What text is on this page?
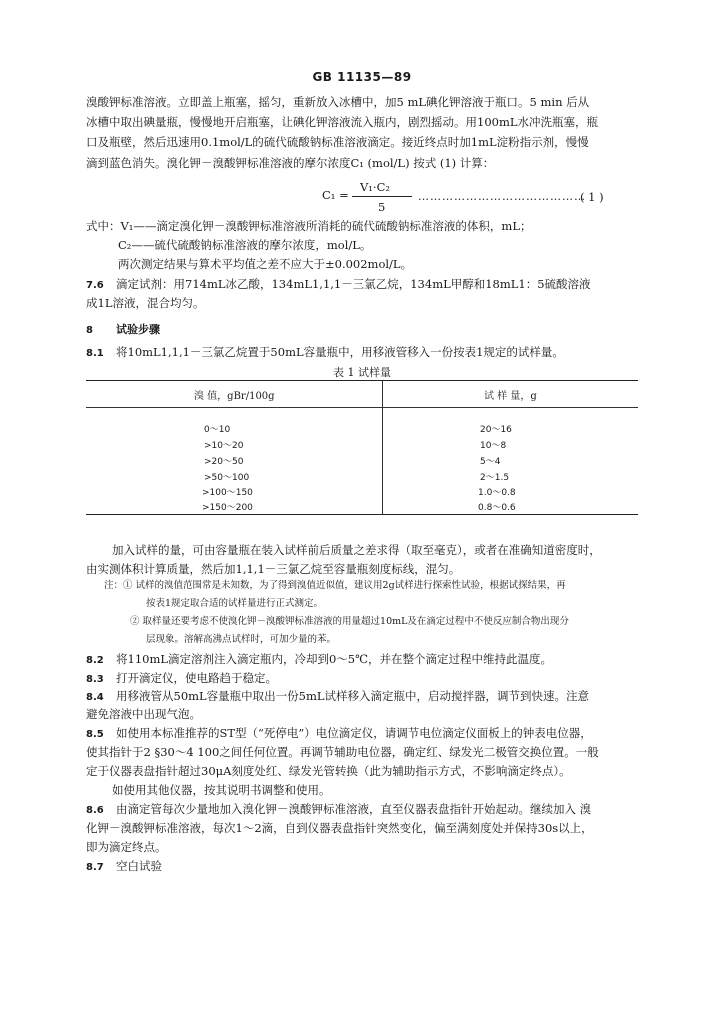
GB 11135—89
溴酸钾标准溶液。立即盖上瓶塞，摇匀，重新放入冰槽中，加5 mL碘化钾溶液于瓶口。5 min 后从
冰槽中取出碘量瓶，慢慢地开启瓶塞，让碘化钾溶液流入瓶内，剧烈摇动。用100mL水冲洗瓶塞，瓶
口及瓶壁，然后迅速用0.1mol/L的硫代硫酸钠标准溶液滴定。接近终点时加1mL淀粉指示剂，慢慢
滴到蓝色消失。溴化钾－溴酸钾标准溶液的摩尔浓度C₁ (mol/L) 按式 (1) 计算：
C₁ =
V₁·C₂
5
……………………………………
( 1 )
式中：V₁——滴定溴化钾－溴酸钾标准溶液所消耗的硫代硫酸钠标准溶液的体积，mL；
C₂——硫代硫酸钠标准溶液的摩尔浓度，mol/L。
两次测定结果与算术平均值之差不应大于±0.002mol/L。
7.6 滴定试剂：用714mL冰乙酸，134mL1,1,1－三氯乙烷，134mL甲醇和18mL1：5硫酸溶液
成1L溶液，混合均匀。
8 试验步骤
8.1 将10mL1,1,1－三氯乙烷置于50mL容量瓶中，用移液管移入一份按表1规定的试样量。
表 1 试样量
溴 值，gBr/100g	试 样 量，g
0～10	20～16
>10～20	10～8
>20～50	5～4
>50～100	2～1.5
>100～150	1.0～0.8
>150～200	0.8～0.6
加入试样的量，可由容量瓶在装入试样前后质量之差求得（取至毫克），或者在准确知道密度时，
由实测体积计算质量，然后加1,1,1－三氯乙烷至容量瓶刻度标线，混匀。
注：① 试样的溴值范围常是未知数，为了得到溴值近似值，建议用2g试样进行探索性试验，根据试探结果，再
按表1规定取合适的试样量进行正式测定。
② 取样量还要考虑不使溴化钾－溴酸钾标准溶液的用量超过10mL及在滴定过程中不使反应制合物出现分
层现象。溶解高沸点试样时，可加少量的苯。
8.2 将110mL滴定溶剂注入滴定瓶内，冷却到0～5℃，并在整个滴定过程中维持此温度。
8.3 打开滴定仪，使电路趋于稳定。
8.4 用移液管从50mL容量瓶中取出一份5mL试样移入滴定瓶中，启动搅拌器，调节到快速。注意
避免溶液中出现气泡。
8.5 如使用本标准推荐的ST型（“死停电”）电位滴定仪，请调节电位滴定仪面板上的钟表电位器，
使其指针于2 §30～4 100之间任何位置。再调节辅助电位器，确定红、绿发光二极管交换位置。一般
定于仪器表盘指针超过30μA刻度处红、绿发光管转换（此为辅助指示方式，不影响滴定终点）。
如使用其他仪器，按其说明书调整和使用。
8.6 由滴定管每次少量地加入溴化钾－溴酸钾标准溶液，直至仪器表盘指针开始起动。继续加入 溴
化钾－溴酸钾标准溶液，每次1～2滴，自到仪器表盘指针突然变化，偏至满刻度处并保持30s以上，
即为滴定终点。
8.7 空白试验
